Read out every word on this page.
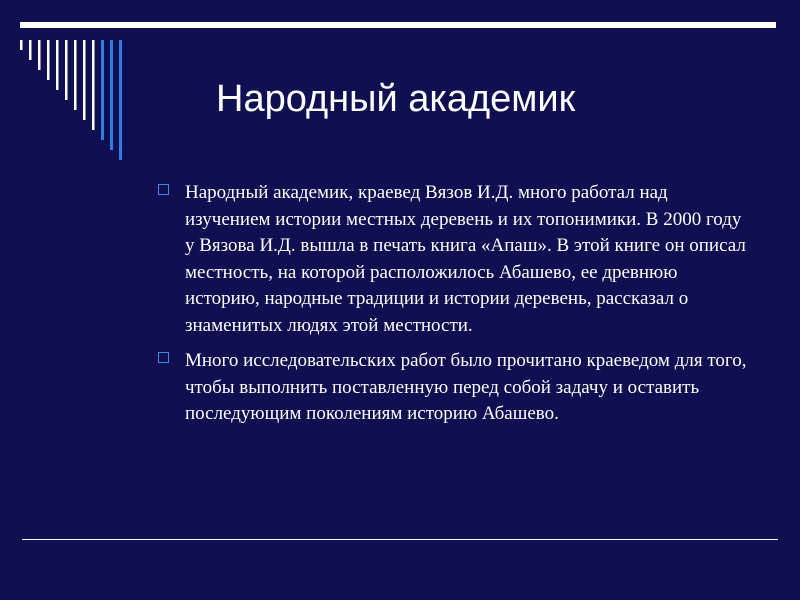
Народный академик
Народный академик, краевед Вязов И.Д. много работал над изучением истории местных деревень и их топонимики. В 2000 году у Вязова И.Д. вышла в печать книга «Апаш». В этой книге он описал местность, на которой расположилось Абашево, ее древнюю историю, народные традиции и истории деревень, рассказал о знаменитых людях этой местности.
Много исследовательских работ было прочитано краеведом для того, чтобы выполнить поставленную перед собой задачу и оставить последующим поколениям историю Абашево.
